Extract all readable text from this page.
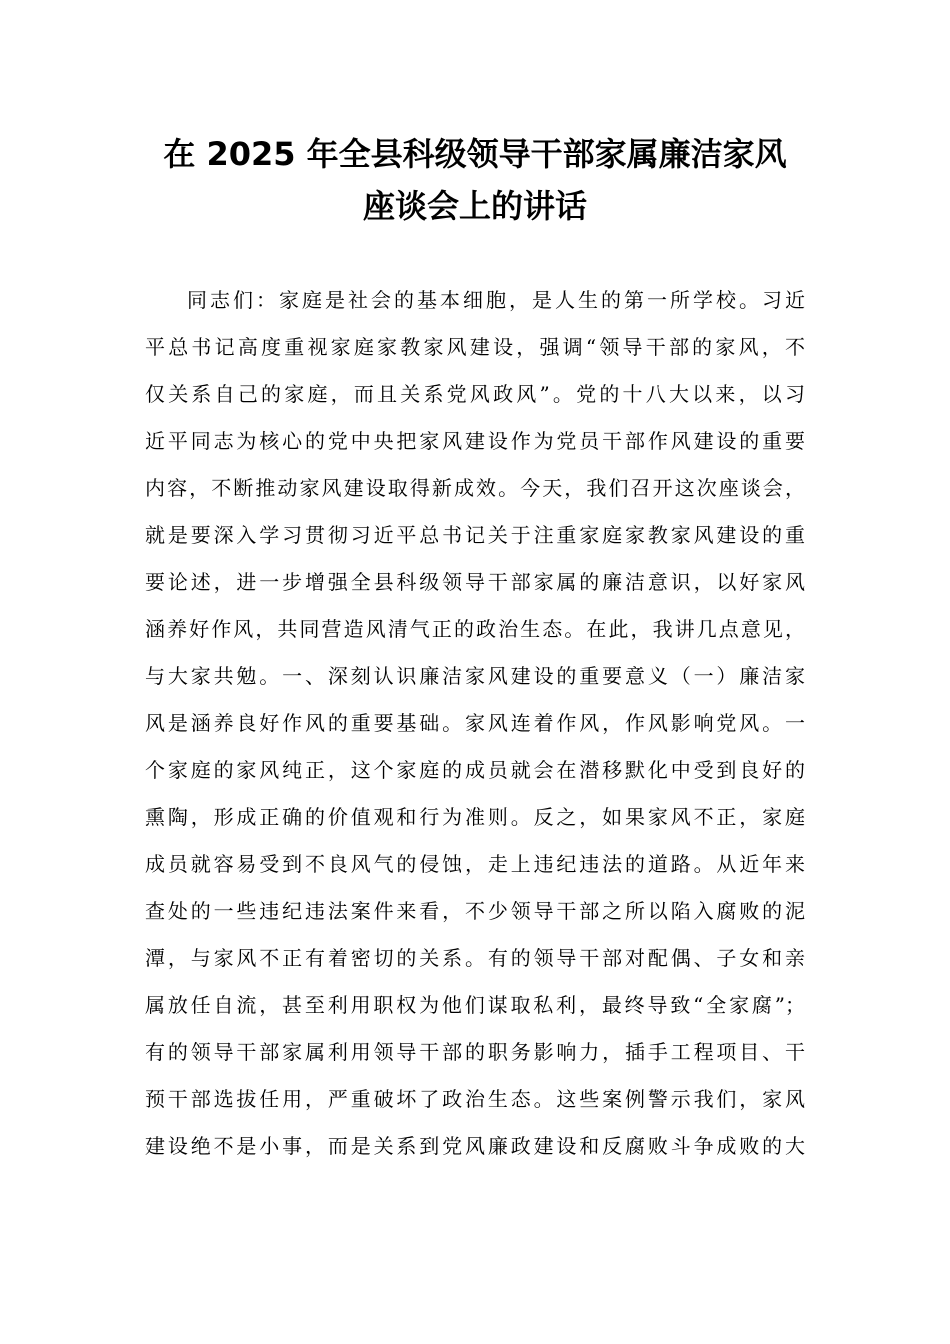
在 2025 年全县科级领导干部家属廉洁家风
座谈会上的讲话
同志们：家庭是社会的基本细胞，是人生的第一所学校。习近
平总书记高度重视家庭家教家风建设，强调“领导干部的家风，不
仅关系自己的家庭，而且关系党风政风”。党的十八大以来，以习
近平同志为核心的党中央把家风建设作为党员干部作风建设的重要
内容，不断推动家风建设取得新成效。今天，我们召开这次座谈会，
就是要深入学习贯彻习近平总书记关于注重家庭家教家风建设的重
要论述，进一步增强全县科级领导干部家属的廉洁意识，以好家风
涵养好作风，共同营造风清气正的政治生态。在此，我讲几点意见，
与大家共勉。一、深刻认识廉洁家风建设的重要意义（一）廉洁家
风是涵养良好作风的重要基础。家风连着作风，作风影响党风。一
个家庭的家风纯正，这个家庭的成员就会在潜移默化中受到良好的
熏陶，形成正确的价值观和行为准则。反之，如果家风不正，家庭
成员就容易受到不良风气的侵蚀，走上违纪违法的道路。从近年来
查处的一些违纪违法案件来看，不少领导干部之所以陷入腐败的泥
潭，与家风不正有着密切的关系。有的领导干部对配偶、子女和亲
属放任自流，甚至利用职权为他们谋取私利，最终导致“全家腐”；
有的领导干部家属利用领导干部的职务影响力，插手工程项目、干
预干部选拔任用，严重破坏了政治生态。这些案例警示我们，家风
建设绝不是小事，而是关系到党风廉政建设和反腐败斗争成败的大
